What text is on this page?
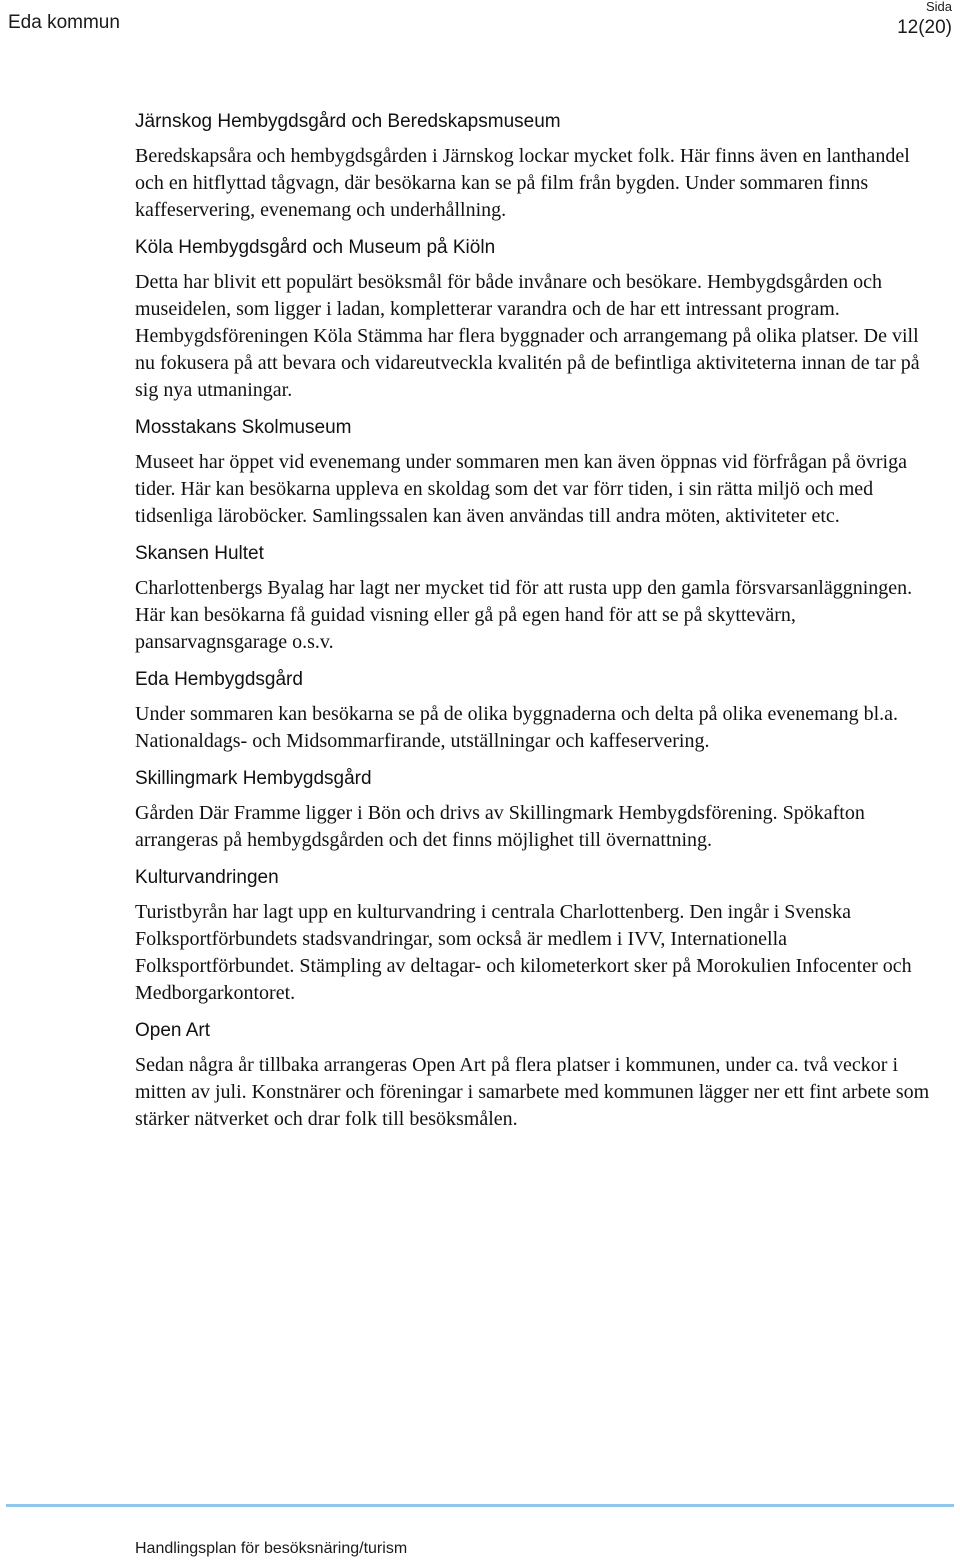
Eda kommun
Sida
12(20)
Järnskog Hembygdsgård och Beredskapsmuseum

Beredskapsåra och hembygdsgården i Järnskog lockar mycket folk. Här finns även en lanthandel och en hitflyttad tågvagn, där besökarna kan se på film från bygden. Under sommaren finns kaffeservering, evenemang och underhållning.

Köla Hembygdsgård och Museum på Kiöln

Detta har blivit ett populärt besöksmål för både invånare och besökare. Hembygdsgården och museidelen, som ligger i ladan, kompletterar varandra och de har ett intressant program. Hembygdsföreningen Köla Stämma har flera byggnader och arrangemang på olika platser. De vill nu fokusera på att bevara och vidareutveckla kvalitén på de befintliga aktiviteterna innan de tar på sig nya utmaningar.

Mosstakans Skolmuseum

Museet har öppet vid evenemang under sommaren men kan även öppnas vid förfrågan på övriga tider. Här kan besökarna uppleva en skoldag som det var förr tiden, i sin rätta miljö och med tidsenliga läroböcker. Samlingssalen kan även användas till andra möten, aktiviteter etc.

Skansen Hultet

Charlottenbergs Byalag har lagt ner mycket tid för att rusta upp den gamla försvarsanläggningen. Här kan besökarna få guidad visning eller gå på egen hand för att se på skyttevärn, pansarvagnsgarage o.s.v.

Eda Hembygdsgård

Under sommaren kan besökarna se på de olika byggnaderna och delta på olika evenemang bl.a. Nationaldags- och Midsommarfirande, utställningar och kaffeservering.

Skillingmark Hembygdsgård

Gården Där Framme ligger i Bön och drivs av Skillingmark Hembygdsförening. Spökafton arrangeras på hembygdsgården och det finns möjlighet till övernattning.

Kulturvandringen

Turistbyrån har lagt upp en kulturvandring i centrala Charlottenberg. Den ingår i Svenska Folksportförbundets stadsvandringar, som också är medlem i IVV, Internationella Folksportförbundet. Stämpling av deltagar- och kilometerkort sker på Morokulien Infocenter och Medborgarkontoret.

Open Art

Sedan några år tillbaka arrangeras Open Art på flera platser i kommunen, under ca. två veckor i mitten av juli. Konstnärer och föreningar i samarbete med kommunen lägger ner ett fint arbete som stärker nätverket och drar folk till besöksmålen.

Handlingsplan för besöksnäring/turism
